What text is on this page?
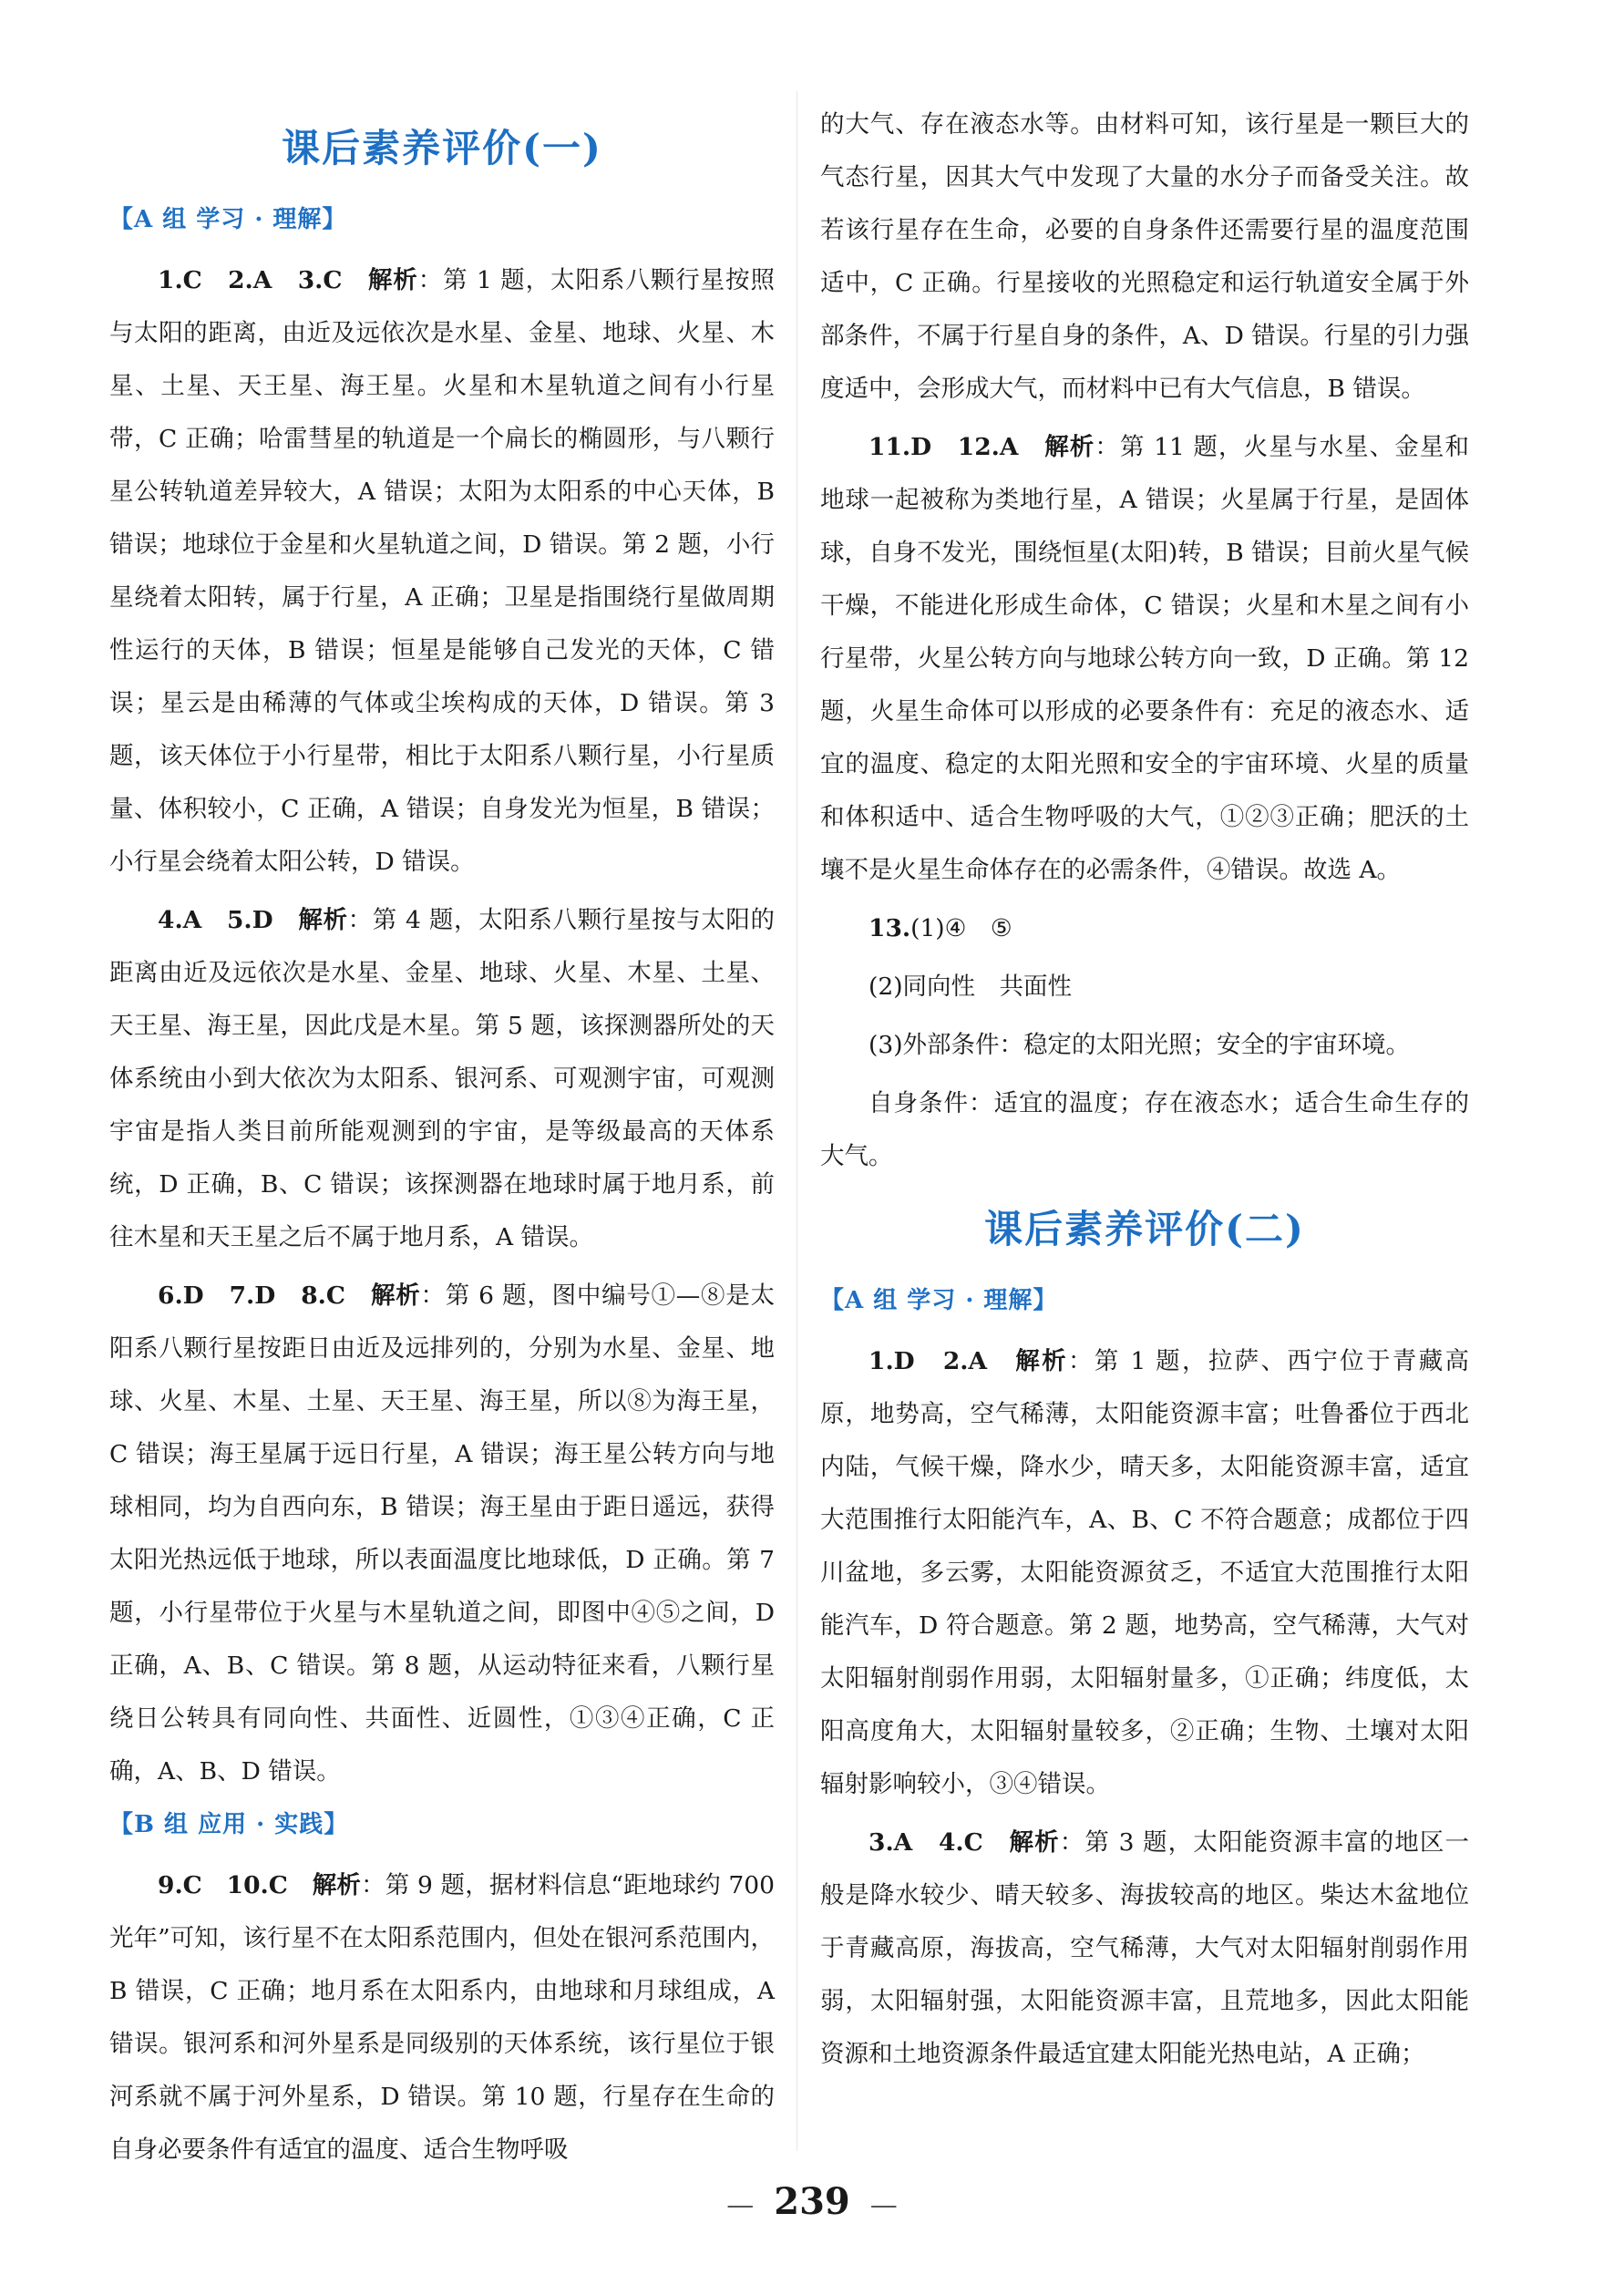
课后素养评价(一)
【A 组 学习 · 理解】

1.C　2.A　3.C　解析：第 1 题，太阳系八颗行星按照与太阳的距离，由近及远依次是水星、金星、地球、火星、木星、土星、天王星、海王星。火星和木星轨道之间有小行星带，C 正确；哈雷彗星的轨道是一个扁长的椭圆形，与八颗行星公转轨道差异较大，A 错误；太阳为太阳系的中心天体，B 错误；地球位于金星和火星轨道之间，D 错误。第 2 题，小行星绕着太阳转，属于行星，A 正确；卫星是指围绕行星做周期性运行的天体，B 错误；恒星是能够自己发光的天体，C 错误；星云是由稀薄的气体或尘埃构成的天体，D 错误。第 3 题，该天体位于小行星带，相比于太阳系八颗行星，小行星质量、体积较小，C 正确，A 错误；自身发光为恒星，B 错误；小行星会绕着太阳公转，D 错误。

4.A　5.D　解析：第 4 题，太阳系八颗行星按与太阳的距离由近及远依次是水星、金星、地球、火星、木星、土星、天王星、海王星，因此戊是木星。第 5 题，该探测器所处的天体系统由小到大依次为太阳系、银河系、可观测宇宙，可观测宇宙是指人类目前所能观测到的宇宙，是等级最高的天体系统，D 正确，B、C 错误；该探测器在地球时属于地月系，前往木星和天王星之后不属于地月系，A 错误。

6.D　7.D　8.C　解析：第 6 题，图中编号①—⑧是太阳系八颗行星按距日由近及远排列的，分别为水星、金星、地球、火星、木星、土星、天王星、海王星，所以⑧为海王星，C 错误；海王星属于远日行星，A 错误；海王星公转方向与地球相同，均为自西向东，B 错误；海王星由于距日遥远，获得太阳光热远低于地球，所以表面温度比地球低，D 正确。第 7 题，小行星带位于火星与木星轨道之间，即图中④⑤之间，D 正确，A、B、C 错误。第 8 题，从运动特征来看，八颗行星绕日公转具有同向性、共面性、近圆性，①③④正确，C 正确，A、B、D 错误。

【B 组 应用 · 实践】

9.C　10.C　解析：第 9 题，据材料信息“距地球约 700 光年”可知，该行星不在太阳系范围内，但处在银河系范围内，B 错误，C 正确；地月系在太阳系内，由地球和月球组成，A 错误。银河系和河外星系是同级别的天体系统，该行星位于银河系就不属于河外星系，D 错误。第 10 题，行星存在生命的自身必要条件有适宜的温度、适合生物呼吸

的大气、存在液态水等。由材料可知，该行星是一颗巨大的气态行星，因其大气中发现了大量的水分子而备受关注。故若该行星存在生命，必要的自身条件还需要行星的温度范围适中，C 正确。行星接收的光照稳定和运行轨道安全属于外部条件，不属于行星自身的条件，A、D 错误。行星的引力强度适中，会形成大气，而材料中已有大气信息，B 错误。

11.D　12.A　解析：第 11 题，火星与水星、金星和地球一起被称为类地行星，A 错误；火星属于行星，是固体球，自身不发光，围绕恒星(太阳)转，B 错误；目前火星气候干燥，不能进化形成生命体，C 错误；火星和木星之间有小行星带，火星公转方向与地球公转方向一致，D 正确。第 12 题，火星生命体可以形成的必要条件有：充足的液态水、适宜的温度、稳定的太阳光照和安全的宇宙环境、火星的质量和体积适中、适合生物呼吸的大气，①②③正确；肥沃的土壤不是火星生命体存在的必需条件，④错误。故选 A。

13.(1)④　⑤

(2)同向性　共面性

(3)外部条件：稳定的太阳光照；安全的宇宙环境。

自身条件：适宜的温度；存在液态水；适合生命生存的大气。

课后素养评价(二)
【A 组 学习 · 理解】

1.D　2.A　解析：第 1 题，拉萨、西宁位于青藏高原，地势高，空气稀薄，太阳能资源丰富；吐鲁番位于西北内陆，气候干燥，降水少，晴天多，太阳能资源丰富，适宜大范围推行太阳能汽车，A、B、C 不符合题意；成都位于四川盆地，多云雾，太阳能资源贫乏，不适宜大范围推行太阳能汽车，D 符合题意。第 2 题，地势高，空气稀薄，大气对太阳辐射削弱作用弱，太阳辐射量多，①正确；纬度低，太阳高度角大，太阳辐射量较多，②正确；生物、土壤对太阳辐射影响较小，③④错误。

3.A　4.C　解析：第 3 题，太阳能资源丰富的地区一般是降水较少、晴天较多、海拔较高的地区。柴达木盆地位于青藏高原，海拔高，空气稀薄，大气对太阳辐射削弱作用弱，太阳辐射强，太阳能资源丰富，且荒地多，因此太阳能资源和土地资源条件最适宜建太阳能光热电站，A 正确；

— 239 —
